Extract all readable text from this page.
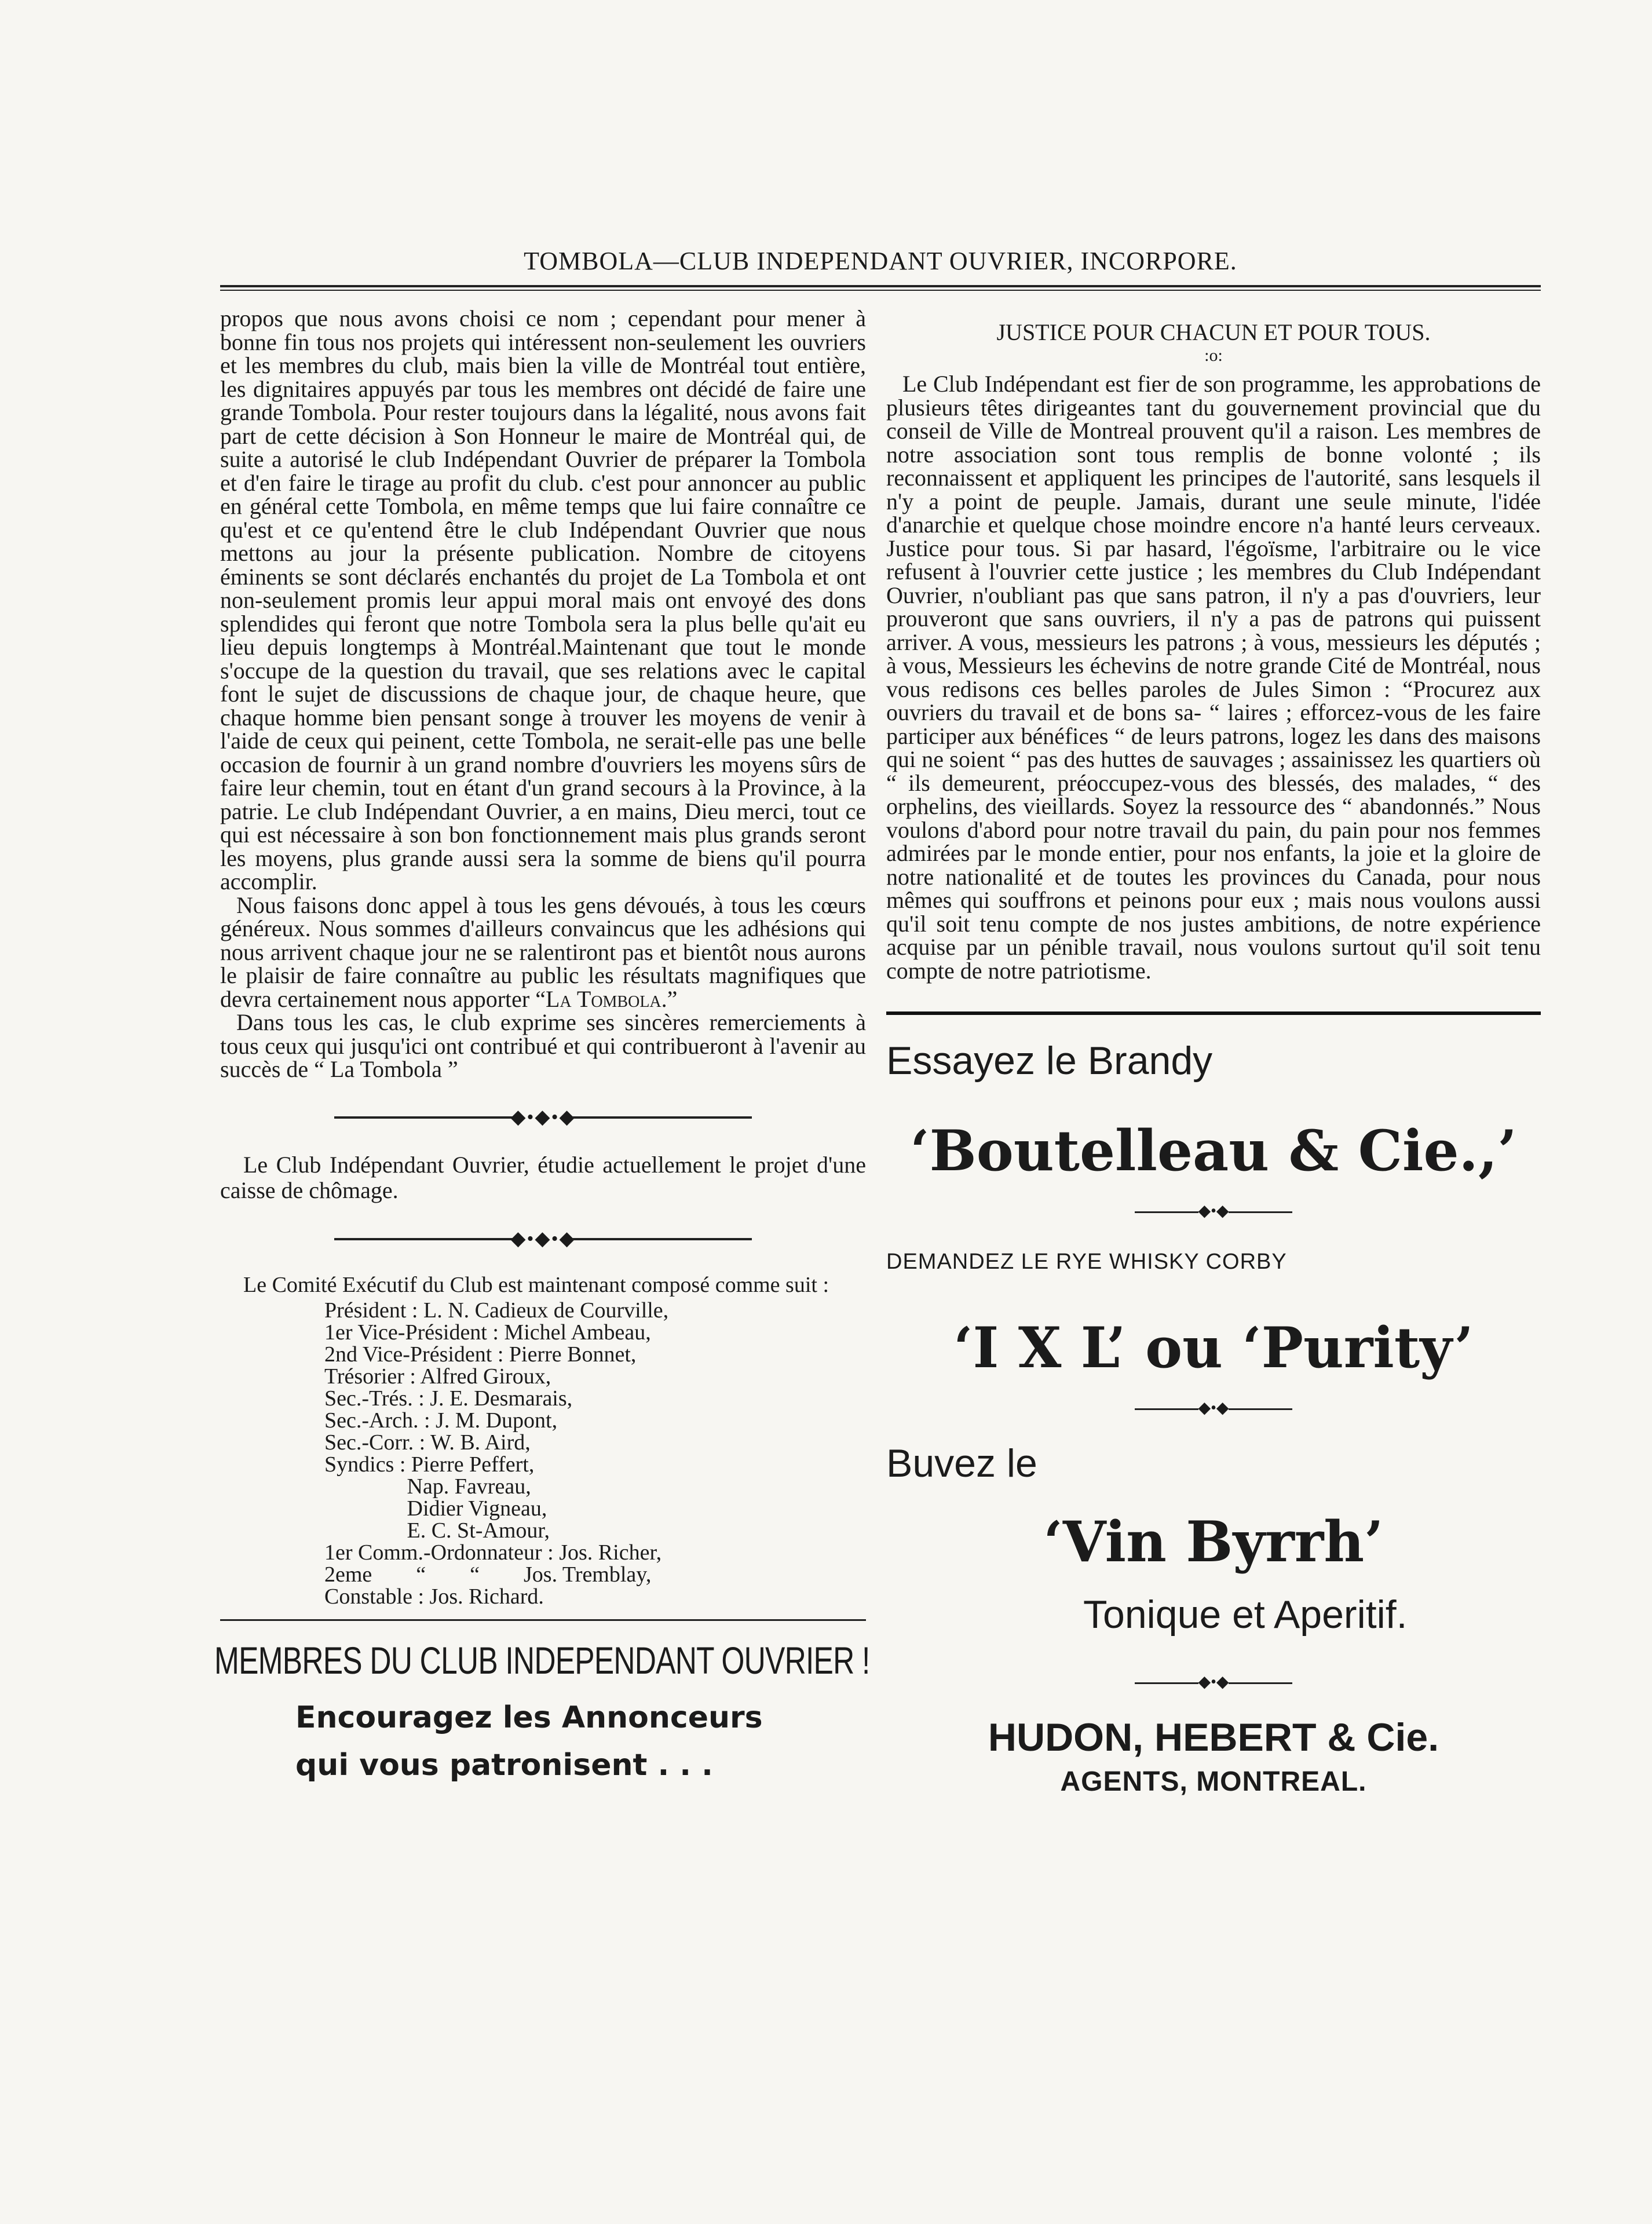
TOMBOLA—CLUB INDEPENDANT OUVRIER, INCORPORE.

propos que nous avons choisi ce nom ; cependant pour mener à bonne fin tous nos projets qui intéressent non-seulement les ouvriers et les membres du club, mais bien la ville de Montréal tout entière, les dignitaires appuyés par tous les membres ont décidé de faire une grande Tombola. Pour rester toujours dans la légalité, nous avons fait part de cette décision à Son Honneur le maire de Montréal qui, de suite a autorisé le club Indépendant Ouvrier de préparer la Tombola et d'en faire le tirage au profit du club. c'est pour annoncer au public en général cette Tombola, en même temps que lui faire connaître ce qu'est et ce qu'entend être le club Indépendant Ouvrier que nous mettons au jour la présente publication. Nombre de citoyens éminents se sont déclarés enchantés du projet de La Tombola et ont non-seulement promis leur appui moral mais ont envoyé des dons splendides qui feront que notre Tombola sera la plus belle qu'ait eu lieu depuis longtemps à Montréal.Maintenant que tout le monde s'occupe de la question du travail, que ses relations avec le capital font le sujet de discussions de chaque jour, de chaque heure, que chaque homme bien pensant songe à trouver les moyens de venir à l'aide de ceux qui peinent, cette Tombola, ne serait-elle pas une belle occasion de fournir à un grand nombre d'ouvriers les moyens sûrs de faire leur chemin, tout en étant d'un grand secours à la Province, à la patrie. Le club Indépendant Ouvrier, a en mains, Dieu merci, tout ce qui est nécessaire à son bon fonctionnement mais plus grands seront les moyens, plus grande aussi sera la somme de biens qu'il pourra accomplir.

Nous faisons donc appel à tous les gens dévoués, à tous les cœurs généreux. Nous sommes d'ailleurs convaincus que les adhésions qui nous arrivent chaque jour ne se ralentiront pas et bientôt nous aurons le plaisir de faire connaître au public les résultats magnifiques que devra certainement nous apporter “La Tombola.”

Dans tous les cas, le club exprime ses sincères remerciements à tous ceux qui jusqu'ici ont contribué et qui contribueront à l'avenir au succès de “ La Tombola ”

◆•◆•◆

Le Club Indépendant Ouvrier, étudie actuellement le projet d'une caisse de chômage.

◆•◆•◆

Le Comité Exécutif du Club est maintenant composé comme suit :

Président : L. N. Cadieux de Courville,
1er Vice-Président : Michel Ambeau,
2nd Vice-Président : Pierre Bonnet,
Trésorier : Alfred Giroux,
Sec.-Trés. : J. E. Desmarais,
Sec.-Arch. : J. M. Dupont,
Sec.-Corr. : W. B. Aird,
Syndics : Pierre Peffert,
Nap. Favreau,
Didier Vigneau,
E. C. St-Amour,
1er Comm.-Ordonnateur : Jos. Richer,
2eme        “        “        Jos. Tremblay,
Constable : Jos. Richard.
MEMBRES DU CLUB INDEPENDANT OUVRIER !
Encouragez les Annonceurs
qui vous patronisent . . .
JUSTICE POUR CHACUN ET POUR TOUS.
:o:

Le Club Indépendant est fier de son programme, les approbations de plusieurs têtes dirigeantes tant du gouvernement provincial que du conseil de Ville de Montreal prouvent qu'il a raison. Les membres de notre association sont tous remplis de bonne volonté ; ils reconnaissent et appliquent les principes de l'autorité, sans lesquels il n'y a point de peuple. Jamais, durant une seule minute, l'idée d'anarchie et quelque chose moindre encore n'a hanté leurs cerveaux. Justice pour tous. Si par hasard, l'égoïsme, l'arbitraire ou le vice refusent à l'ouvrier cette justice ; les membres du Club Indépendant Ouvrier, n'oubliant pas que sans patron, il n'y a pas d'ouvriers, leur prouveront que sans ouvriers, il n'y a pas de patrons qui puissent arriver. A vous, messieurs les patrons ; à vous, messieurs les députés ; à vous, Messieurs les échevins de notre grande Cité de Montréal, nous vous redisons ces belles paroles de Jules Simon : “Procurez aux ouvriers du travail et de bons sa- “ laires ; efforcez-vous de les faire participer aux bénéfices “ de leurs patrons, logez les dans des maisons qui ne soient “ pas des huttes de sauvages ; assainissez les quartiers où “ ils demeurent, préoccupez-vous des blessés, des malades, “ des orphelins, des vieillards. Soyez la ressource des “ abandonnés.” Nous voulons d'abord pour notre travail du pain, du pain pour nos femmes admirées par le monde entier, pour nos enfants, la joie et la gloire de notre nationalité et de toutes les provinces du Canada, pour nous mêmes qui souffrons et peinons pour eux ; mais nous voulons aussi qu'il soit tenu compte de nos justes ambitions, de notre expérience acquise par un pénible travail, nous voulons surtout qu'il soit tenu compte de notre patriotisme.

Essayez le Brandy

‘Boutelleau & Cie.,’

◆•◆

DEMANDEZ LE RYE WHISKY CORBY

‘I X L’ ou ‘Purity’

◆•◆

Buvez le

‘Vin Byrrh’

Tonique et Aperitif.

◆•◆

HUDON, HEBERT & Cie.

AGENTS, MONTREAL.
